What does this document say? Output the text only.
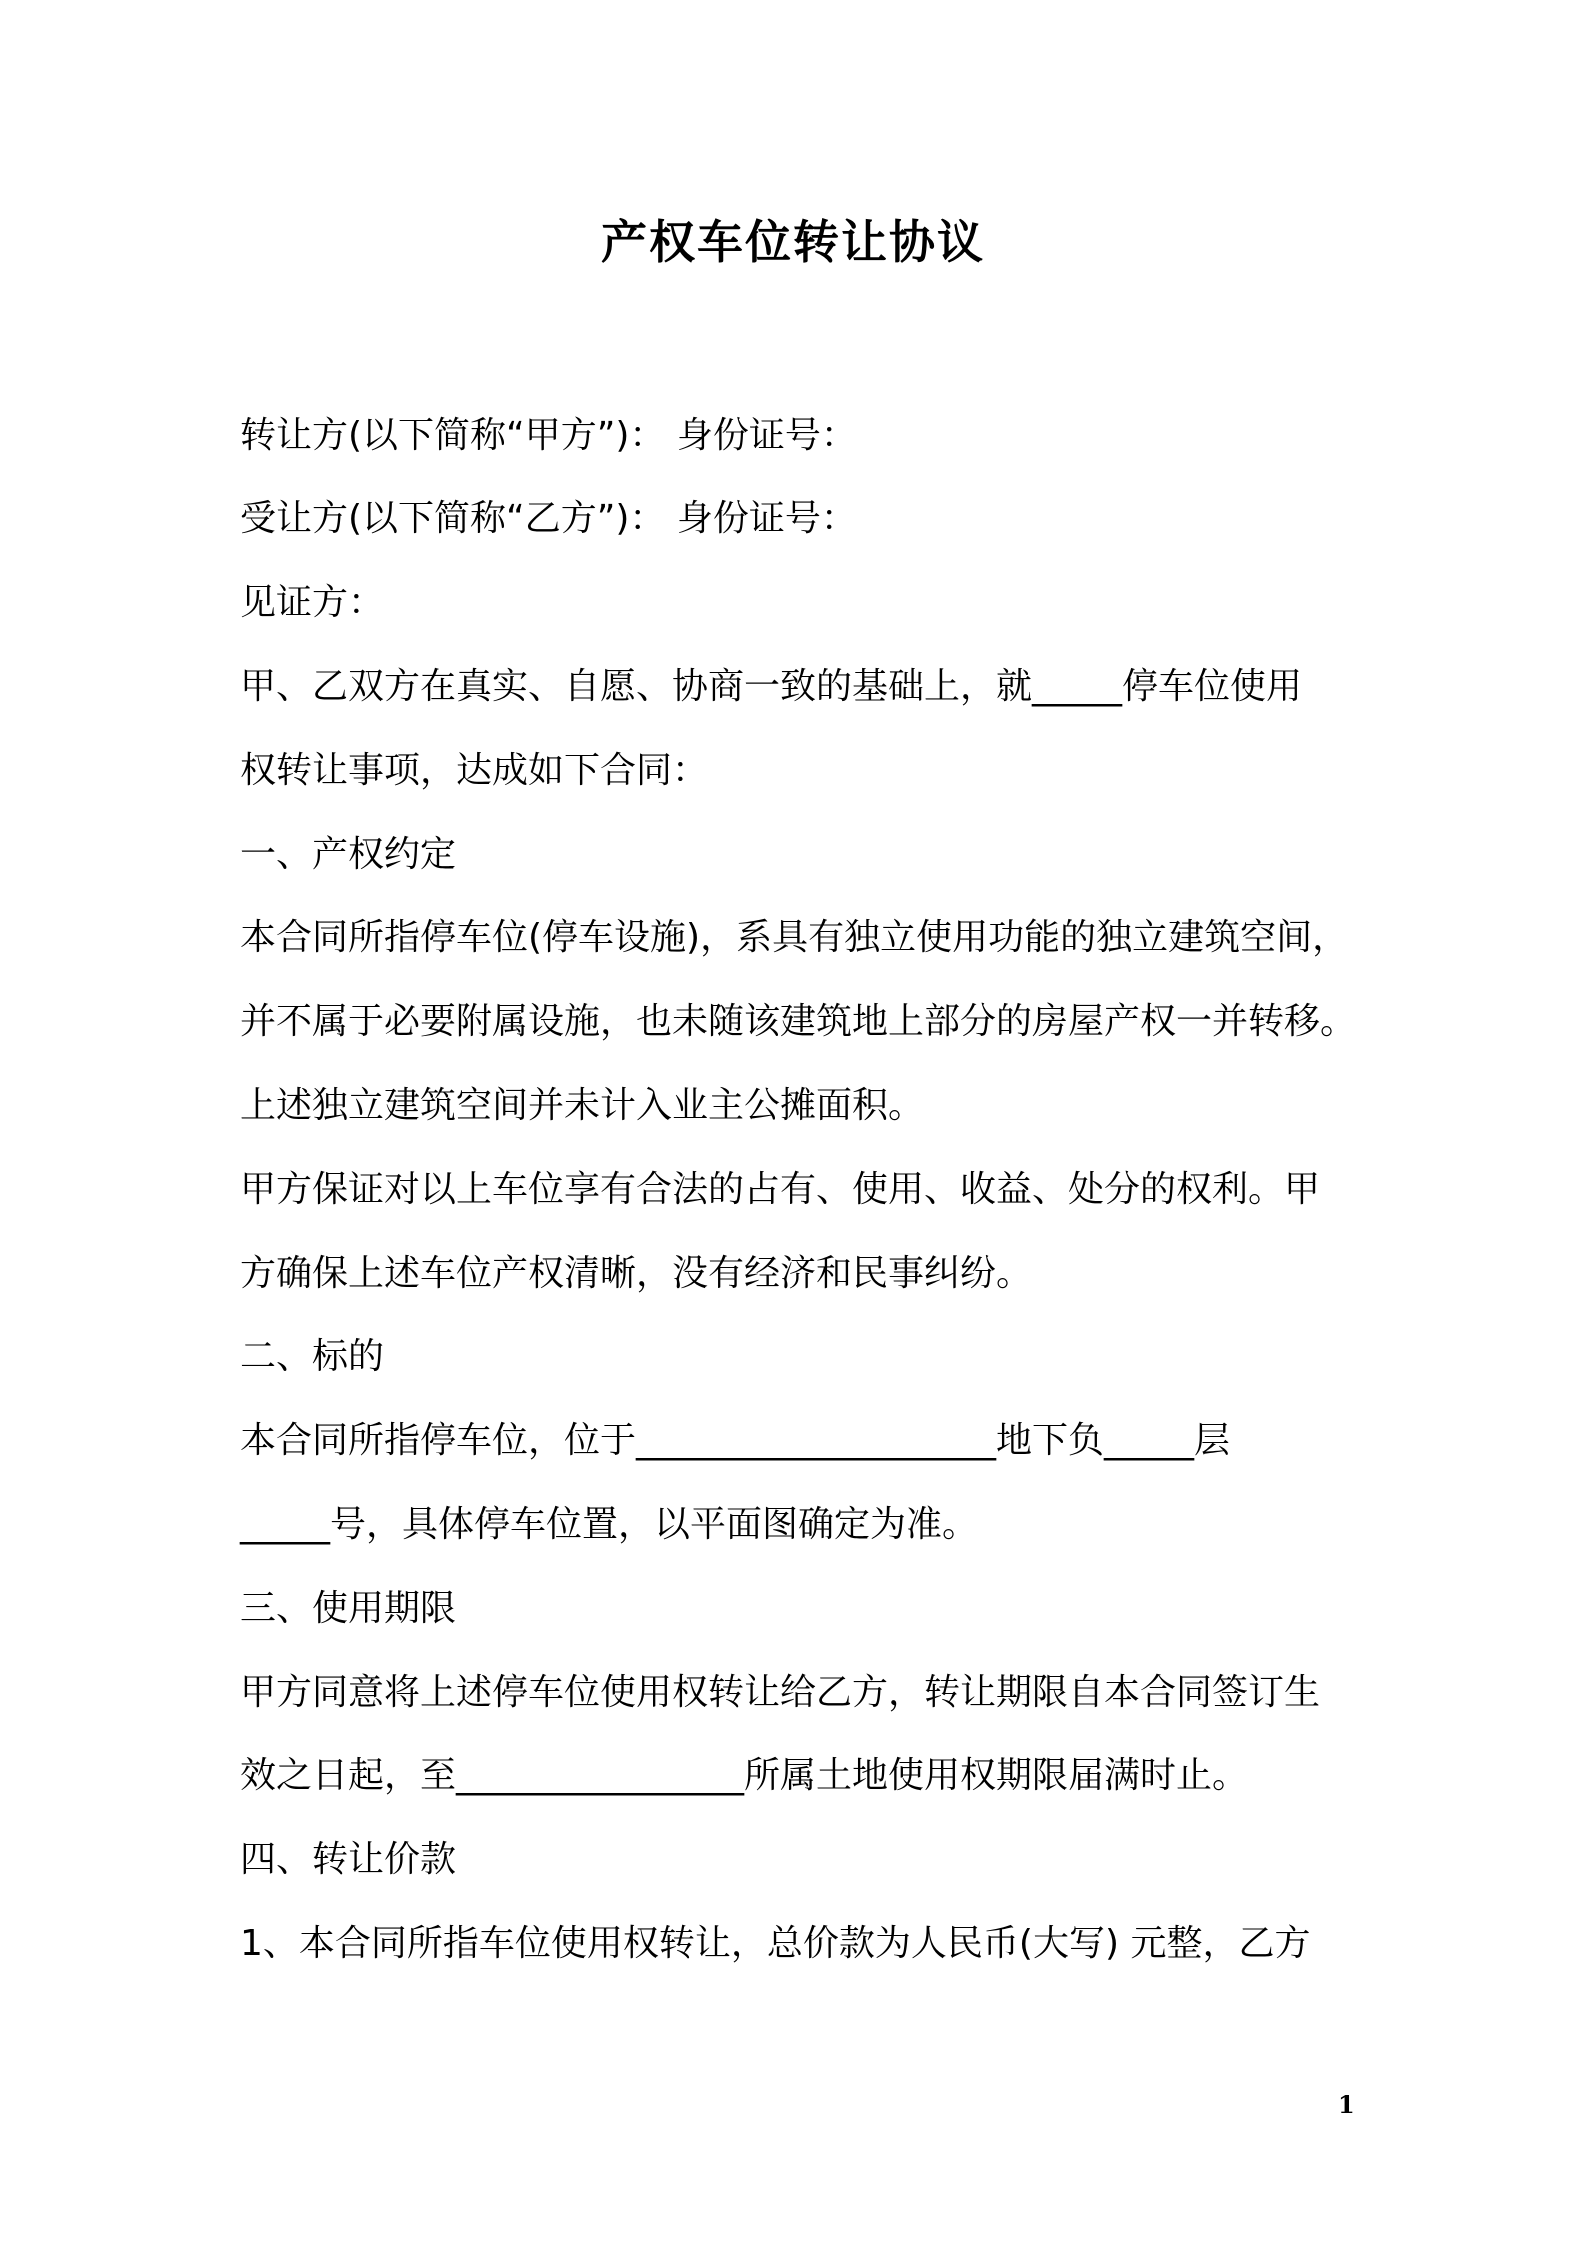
产权车位转让协议
转让方(以下简称“甲方”)： 身份证号：
受让方(以下简称“乙方”)： 身份证号：
见证方：
甲、乙双方在真实、自愿、协商一致的基础上，就_____停车位使用
权转让事项，达成如下合同：
一、产权约定
本合同所指停车位(停车设施)，系具有独立使用功能的独立建筑空间，
并不属于必要附属设施，也未随该建筑地上部分的房屋产权一并转移。
上述独立建筑空间并未计入业主公摊面积。
甲方保证对以上车位享有合法的占有、使用、收益、处分的权利。甲
方确保上述车位产权清晰，没有经济和民事纠纷。
二、标的
本合同所指停车位，位于____________________地下负_____层
_____号，具体停车位置，以平面图确定为准。
三、使用期限
甲方同意将上述停车位使用权转让给乙方，转让期限自本合同签订生
效之日起，至________________所属土地使用权期限届满时止。
四、转让价款
1、本合同所指车位使用权转让，总价款为人民币(大写) 元整，乙方
1
